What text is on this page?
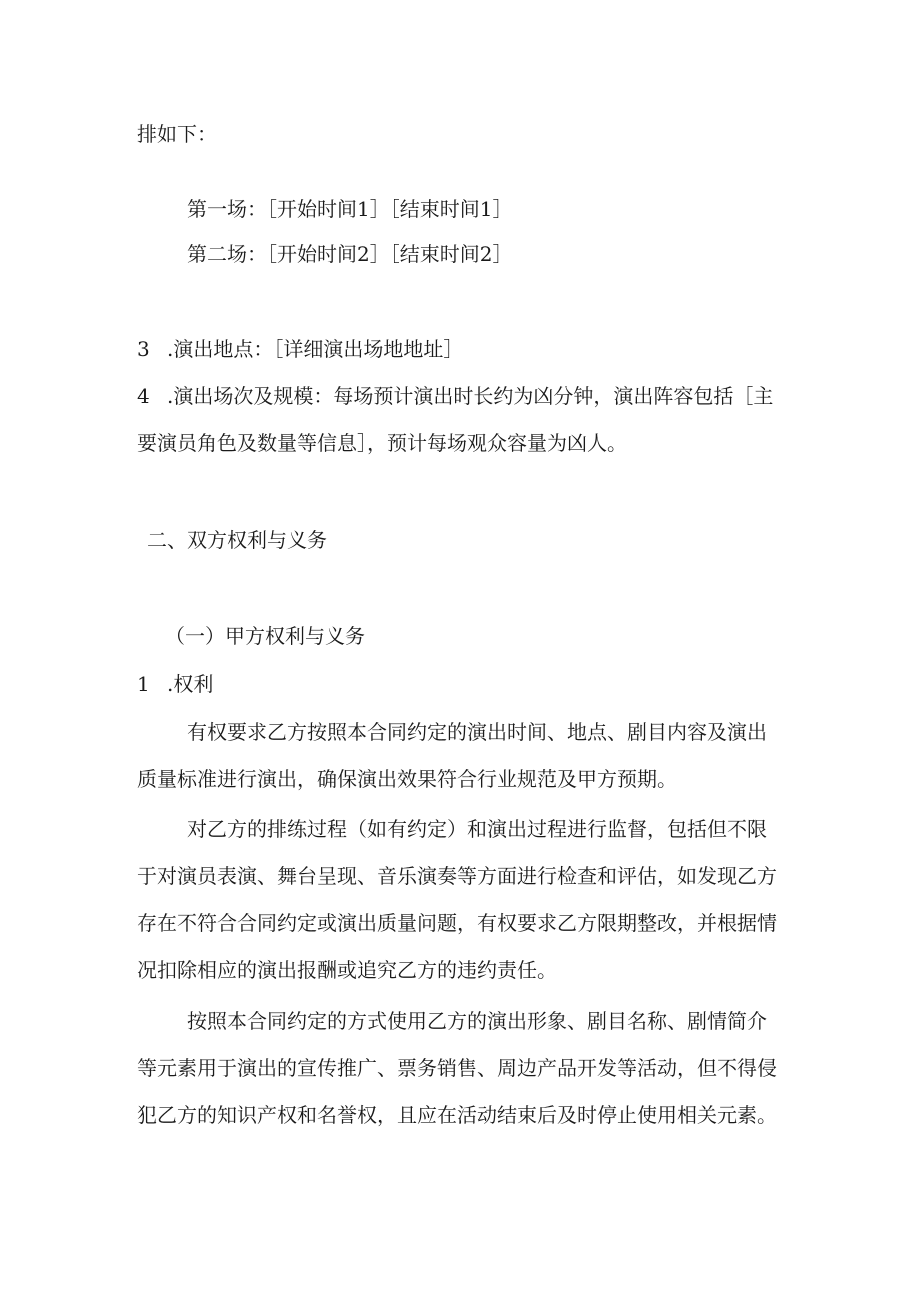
排如下：
第一场：［开始时间1］［结束时间1］
第二场：［开始时间2］［结束时间2］
3 .演出地点：［详细演出场地地址］
4 .演出场次及规模：每场预计演出时长约为凶分钟，演出阵容包括［主
要演员角色及数量等信息］，预计每场观众容量为凶人。
二、双方权利与义务
（一）甲方权利与义务
1 .权利
有权要求乙方按照本合同约定的演出时间、地点、剧目内容及演出
质量标准进行演出，确保演出效果符合行业规范及甲方预期。
对乙方的排练过程（如有约定）和演出过程进行监督，包括但不限
于对演员表演、舞台呈现、音乐演奏等方面进行检查和评估，如发现乙方
存在不符合合同约定或演出质量问题，有权要求乙方限期整改，并根据情
况扣除相应的演出报酬或追究乙方的违约责任。
按照本合同约定的方式使用乙方的演出形象、剧目名称、剧情简介
等元素用于演出的宣传推广、票务销售、周边产品开发等活动，但不得侵
犯乙方的知识产权和名誉权，且应在活动结束后及时停止使用相关元素。
